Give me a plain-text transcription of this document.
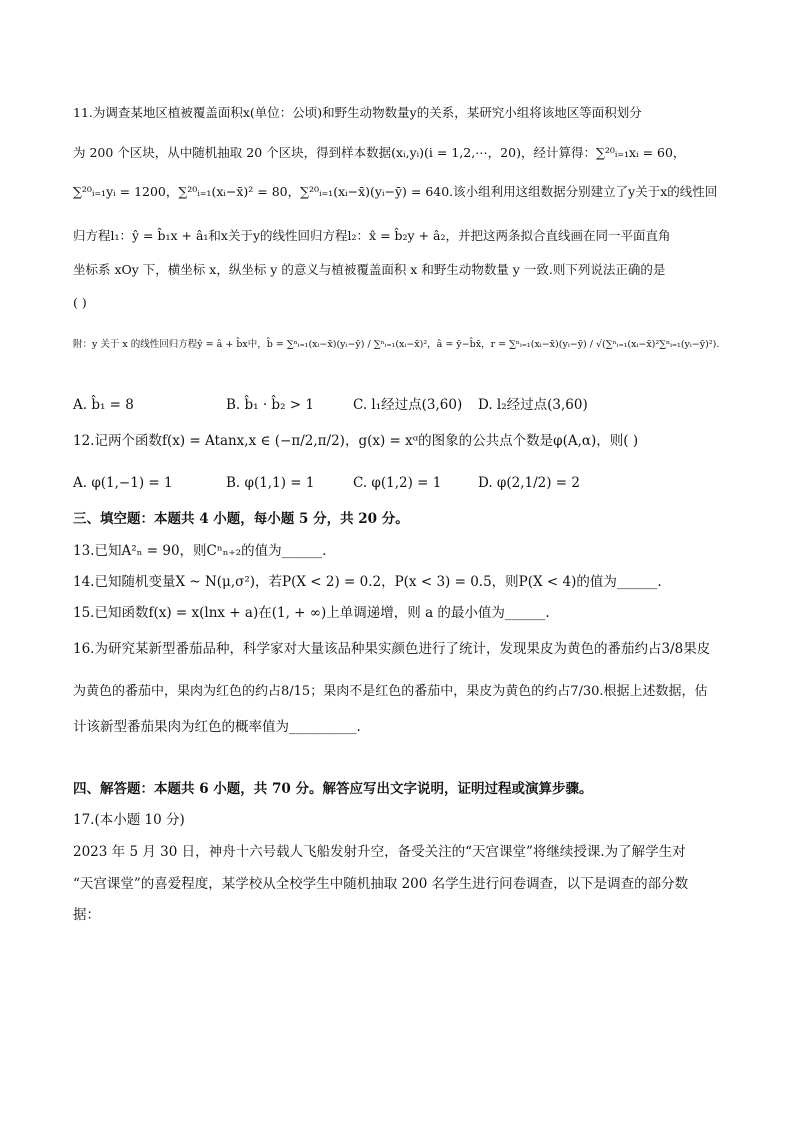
11.为调查某地区植被覆盖面积x(单位：公顷)和野生动物数量y的关系，某研究小组将该地区等面积划分
为 200 个区块，从中随机抽取 20 个区块，得到样本数据(xᵢ,yᵢ)(i = 1,2,⋯，20)，经计算得：∑²⁰ᵢ₌₁xᵢ = 60，
∑²⁰ᵢ₌₁yᵢ = 1200，∑²⁰ᵢ₌₁(xᵢ−x̄)² = 80，∑²⁰ᵢ₌₁(xᵢ−x̄)(yᵢ−ȳ) = 640.该小组利用这组数据分别建立了y关于x的线性回
归方程l₁：ŷ = b̂₁x + â₁和x关于y的线性回归方程l₂：x̂ = b̂₂y + â₂，并把这两条拟合直线画在同一平面直角
坐标系 xOy 下，横坐标 x，纵坐标 y 的意义与植被覆盖面积 x 和野生动物数量 y 一致.则下列说法正确的是
( )
附：y 关于 x 的线性回归方程ŷ = â + b̂x中，b̂ = ∑ⁿᵢ₌₁(xᵢ−x̄)(yᵢ−ȳ) / ∑ⁿᵢ₌₁(xᵢ−x̄)²，â = ȳ−b̂x̄，r = ∑ⁿᵢ₌₁(xᵢ−x̄)(yᵢ−ȳ) / √(∑ⁿᵢ₌₁(xᵢ−x̄)²∑ⁿᵢ₌₁(yᵢ−ȳ)²).
A. b̂₁ = 8	B. b̂₁ · b̂₂ > 1	C. l₁经过点(3,60) D. l₂经过点(3,60)
12.记两个函数f(x) = Atanx,x ∈ (−π/2,π/2)，g(x) = xᵅ的图象的公共点个数是φ(A,α)，则( )
A. φ(1,−1) = 1	B. φ(1,1) = 1	C. φ(1,2) = 1	D. φ(2,1/2) = 2
三、填空题：本题共 4 小题，每小题 5 分，共 20 分。
13.已知A²ₙ = 90，则Cⁿₙ₊₂的值为______.
14.已知随机变量X ~ N(μ,σ²)，若P(X < 2) = 0.2，P(x < 3) = 0.5，则P(X < 4)的值为______.
15.已知函数f(x) = x(lnx + a)在(1, + ∞)上单调递增，则 a 的最小值为______.
16.为研究某新型番茄品种，科学家对大量该品种果实颜色进行了统计，发现果皮为黄色的番茄约占3/8果皮
为黄色的番茄中，果肉为红色的约占8/15；果肉不是红色的番茄中，果皮为黄色的约占7/30.根据上述数据，估
计该新型番茄果肉为红色的概率值为__________.
四、解答题：本题共 6 小题，共 70 分。解答应写出文字说明，证明过程或演算步骤。
17.(本小题 10 分)
2023 年 5 月 30 日，神舟十六号载人飞船发射升空，备受关注的“天宫课堂”将继续授课.为了解学生对
“天宫课堂”的喜爱程度，某学校从全校学生中随机抽取 200 名学生进行问卷调查，以下是调查的部分数
据：
